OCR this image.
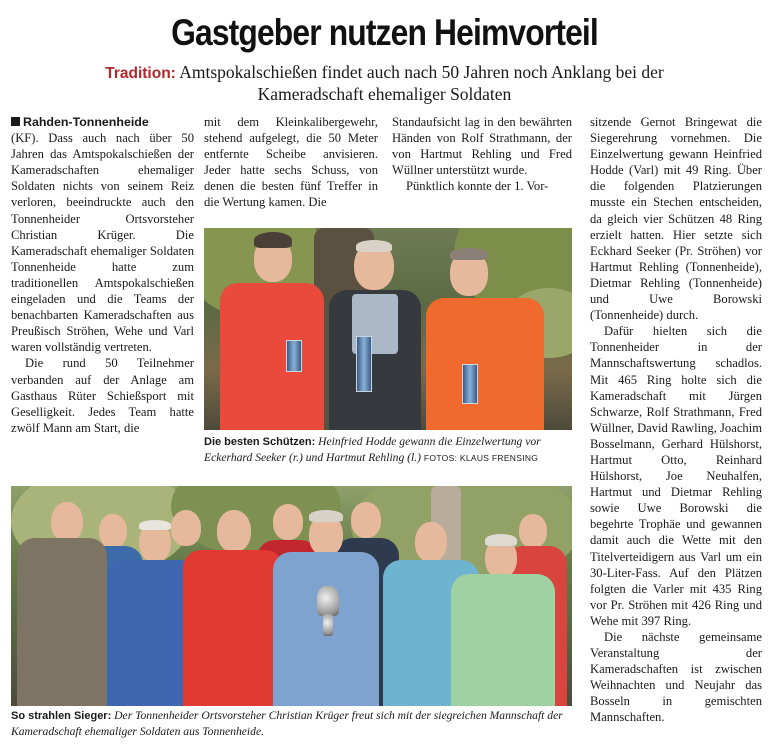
Gastgeber nutzen Heimvorteil
Tradition: Amtspokalschießen findet auch nach 50 Jahren noch Anklang bei der Kameradschaft ehemaliger Soldaten

Rahden-Tonnenheide

(KF). Dass auch nach über 50 Jahren das Amtspokalschießen der Kameradschaften ehemaliger Soldaten nichts von seinem Reiz verloren, beeindruckte auch den Tonnenheider Ortsvorsteher Christian Krüger. Die Kameradschaft ehemaliger Soldaten Tonnenheide hatte zum traditionellen Amtspokalschießen eingeladen und die Teams der benachbarten Kameradschaften aus Preußisch Ströhen, Wehe und Varl waren vollständig vertreten.

Die rund 50 Teilnehmer verbanden auf der Anlage am Gasthaus Rüter Schießsport mit Geselligkeit. Jedes Team hatte zwölf Mann am Start, die

mit dem Kleinkalibergewehr, stehend aufgelegt, die 50 Meter entfernte Scheibe anvisieren. Jeder hatte sechs Schuss, von denen die besten fünf Treffer in die Wertung kamen. Die

Standaufsicht lag in den bewährten Händen von Rolf Strathmann, der von Hartmut Rehling und Fred Wüllner unterstützt wurde.

Pünktlich konnte der 1. Vor-

sitzende Gernot Bringewat die Siegerehrung vornehmen. Die Einzelwertung gewann Heinfried Hodde (Varl) mit 49 Ring. Über die folgenden Platzierungen musste ein Stechen entscheiden, da gleich vier Schützen 48 Ring erzielt hatten. Hier setzte sich Eckhard Seeker (Pr. Ströhen) vor Hartmut Rehling (Tonnenheide), Dietmar Rehling (Tonnenheide) und Uwe Borowski (Tonnenheide) durch.

Dafür hielten sich die Tonnenheider in der Mannschaftswertung schadlos. Mit 465 Ring holte sich die Kameradschaft mit Jürgen Schwarze, Rolf Strathmann, Fred Wüllner, David Rawling, Joachim Bosselmann, Gerhard Hülshorst, Hartmut Otto, Reinhard Hülshorst, Joe Neuhalfen, Hartmut und Dietmar Rehling sowie Uwe Borowski die begehrte Trophäe und gewannen damit auch die Wette mit den Titelverteidigern aus Varl um ein 30-Liter-Fass. Auf den Plätzen folgten die Varler mit 435 Ring vor Pr. Ströhen mit 426 Ring und Wehe mit 397 Ring.

Die nächste gemeinsame Veranstaltung der Kameradschaften ist zwischen Weihnachten und Neujahr das Bosseln in gemischten Mannschaften.

Die besten Schützen: Heinfried Hodde gewann die Einzelwertung vor Eckerhard Seeker (r.) und Hartmut Rehling (l.) FOTOS: KLAUS FRENSING
So strahlen Sieger: Der Tonnenheider Ortsvorsteher Christian Krüger freut sich mit der siegreichen Mannschaft der Kameradschaft ehemaliger Soldaten aus Tonnenheide.
